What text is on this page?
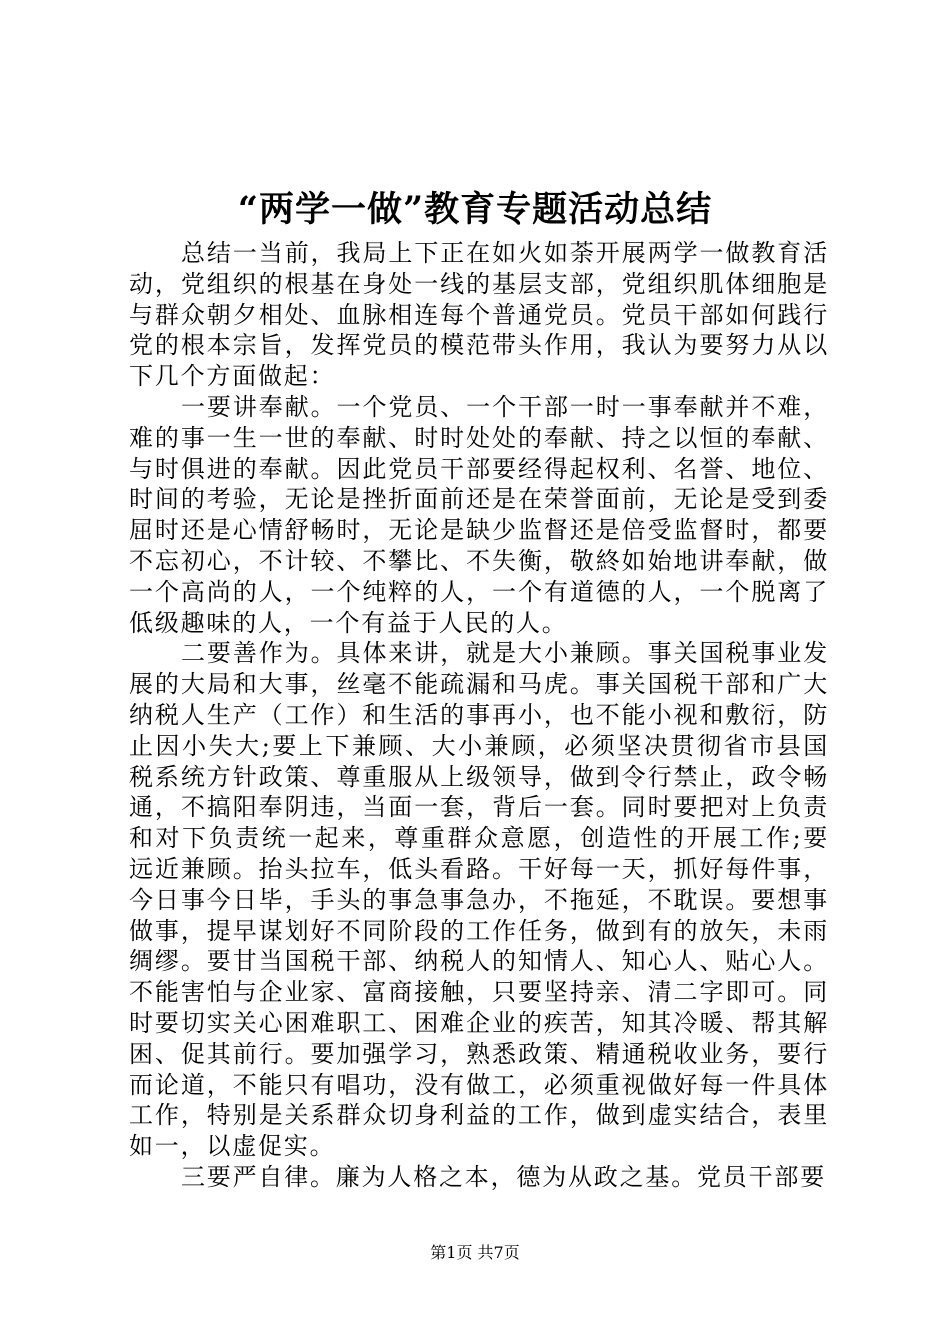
“两学一做”教育专题活动总结

总结一当前，我局上下正在如火如荼开展两学一做教育活动，党组织的根基在身处一线的基层支部，党组织肌体细胞是与群众朝夕相处、血脉相连每个普通党员。党员干部如何践行党的根本宗旨，发挥党员的模范带头作用，我认为要努力从以下几个方面做起：

一要讲奉献。一个党员、一个干部一时一事奉献并不难，难的事一生一世的奉献、时时处处的奉献、持之以恒的奉献、与时俱进的奉献。因此党员干部要经得起权利、名誉、地位、时间的考验，无论是挫折面前还是在荣誉面前，无论是受到委屈时还是心情舒畅时，无论是缺少监督还是倍受监督时，都要不忘初心，不计较、不攀比、不失衡，敬終如始地讲奉献，做一个高尚的人，一个纯粹的人，一个有道德的人，一个脱离了低级趣味的人，一个有益于人民的人。

二要善作为。具体来讲，就是大小兼顾。事关国税事业发展的大局和大事，丝毫不能疏漏和马虎。事关国税干部和广大纳税人生产（工作）和生活的事再小，也不能小视和敷衍，防止因小失大;要上下兼顾、大小兼顾，必须坚决贯彻省市县国税系统方针政策、尊重服从上级领导，做到令行禁止，政令畅通，不搞阳奉阴违，当面一套，背后一套。同时要把对上负责和对下负责统一起来，尊重群众意愿，创造性的开展工作;要远近兼顾。抬头拉车，低头看路。干好每一天，抓好每件事，今日事今日毕，手头的事急事急办，不拖延，不耽误。要想事做事，提早谋划好不同阶段的工作任务，做到有的放矢，未雨绸缪。要甘当国税干部、纳税人的知情人、知心人、贴心人。不能害怕与企业家、富商接触，只要坚持亲、清二字即可。同时要切实关心困难职工、困难企业的疾苦，知其冷暖、帮其解困、促其前行。要加强学习，熟悉政策、精通税收业务，要行而论道，不能只有唱功，没有做工，必须重视做好每一件具体工作，特别是关系群众切身利益的工作，做到虚实结合，表里如一，以虚促实。

三要严自律。廉为人格之本，德为从政之基。党员干部要

第1页 共7页
